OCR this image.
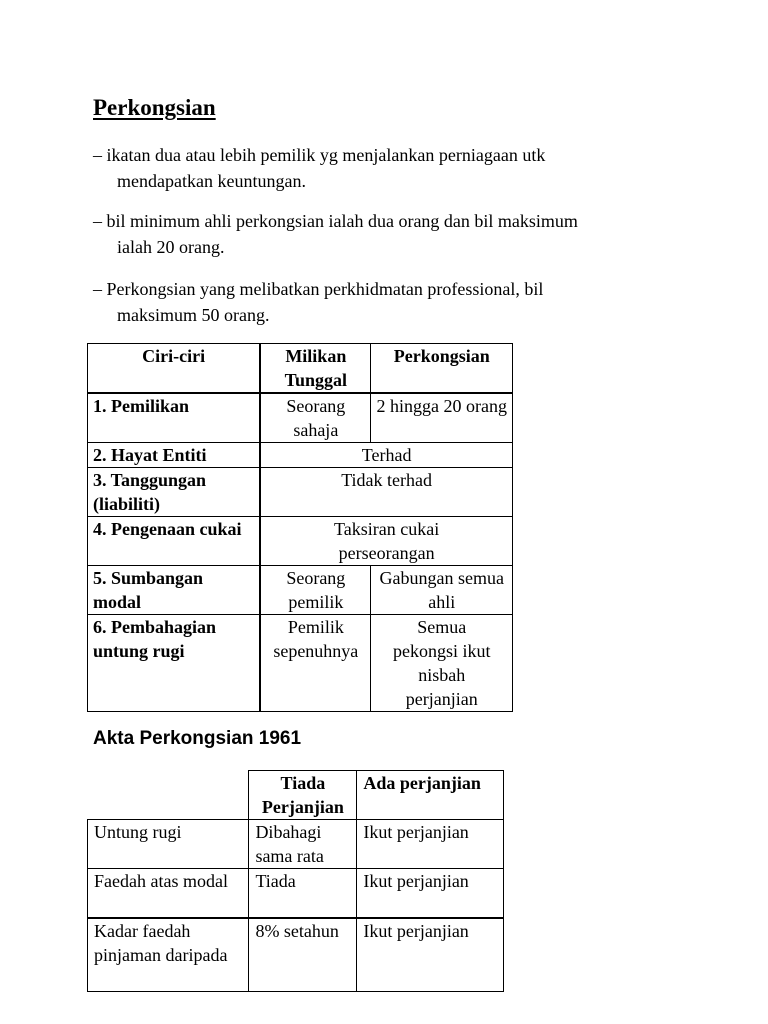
Perkongsian

– ikatan dua atau lebih pemilik yg menjalankan perniagaan utk
mendapatkan keuntungan.

– bil minimum ahli perkongsian ialah dua orang dan bil maksimum
ialah 20 orang.

– Perkongsian yang melibatkan perkhidmatan professional, bil
maksimum 50 orang.

Ciri-ciri	Milikan Tunggal	Perkongsian
1. Pemilikan	Seorang sahaja	2 hingga 20 orang
2. Hayat Entiti	Terhad	
3. Tanggungan (liabiliti)	Tidak terhad	
4. Pengenaan cukai	Taksiran cukai perseorangan	
5. Sumbangan modal	Seorang pemilik	Gabungan semua ahli
6. Pembahagian untung rugi	Pemilik sepenuhnya	Semua pekongsi ikut nisbah perjanjian
Akta Perkongsian 1961
	Tiada Perjanjian	Ada perjanjian
Untung rugi	Dibahagi sama rata	Ikut perjanjian
Faedah atas modal	Tiada	Ikut perjanjian
Kadar faedah pinjaman daripada	8% setahun	Ikut perjanjian
